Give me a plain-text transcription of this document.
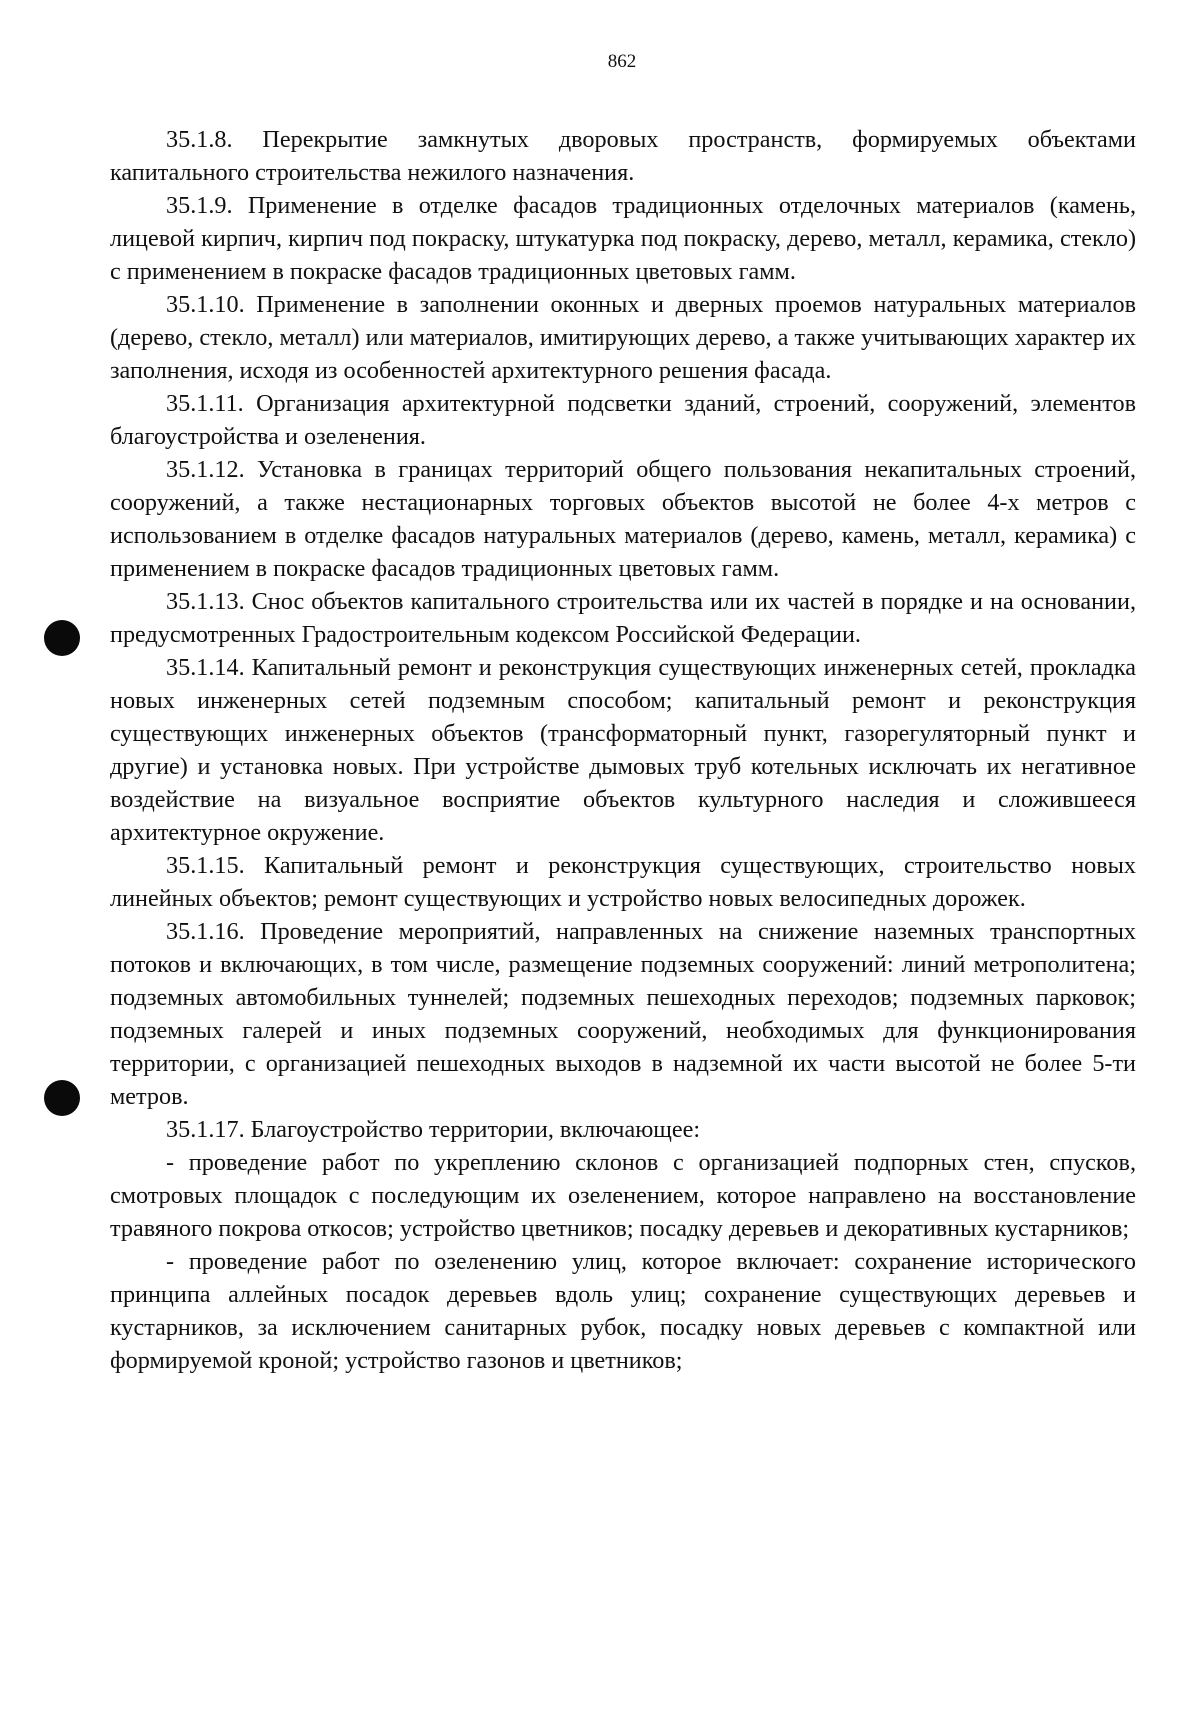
862

35.1.8. Перекрытие замкнутых дворовых пространств, формируемых объектами капитального строительства нежилого назначения.

35.1.9. Применение в отделке фасадов традиционных отделочных материалов (камень, лицевой кирпич, кирпич под покраску, штукатурка под покраску, дерево, металл, керамика, стекло) с применением в покраске фасадов традиционных цветовых гамм.

35.1.10. Применение в заполнении оконных и дверных проемов натуральных материалов (дерево, стекло, металл) или материалов, имитирующих дерево, а также учитывающих характер их заполнения, исходя из особенностей архитектурного решения фасада.

35.1.11. Организация архитектурной подсветки зданий, строений, сооружений, элементов благоустройства и озеленения.

35.1.12. Установка в границах территорий общего пользования некапитальных строений, сооружений, а также нестационарных торговых объектов высотой не более 4-х метров с использованием в отделке фасадов натуральных материалов (дерево, камень, металл, керамика) с применением в покраске фасадов традиционных цветовых гамм.

35.1.13. Снос объектов капитального строительства или их частей в порядке и на основании, предусмотренных Градостроительным кодексом Российской Федерации.

35.1.14. Капитальный ремонт и реконструкция существующих инженерных сетей, прокладка новых инженерных сетей подземным способом; капитальный ремонт и реконструкция существующих инженерных объектов (трансформаторный пункт, газорегуляторный пункт и другие) и установка новых. При устройстве дымовых труб котельных исключать их негативное воздействие на визуальное восприятие объектов культурного наследия и сложившееся архитектурное окружение.

35.1.15. Капитальный ремонт и реконструкция существующих, строительство новых линейных объектов; ремонт существующих и устройство новых велосипедных дорожек.

35.1.16. Проведение мероприятий, направленных на снижение наземных транспортных потоков и включающих, в том числе, размещение подземных сооружений: линий метрополитена; подземных автомобильных туннелей; подземных пешеходных переходов; подземных парковок; подземных галерей и иных подземных сооружений, необходимых для функционирования территории, с организацией пешеходных выходов в надземной их части высотой не более 5-ти метров.

35.1.17. Благоустройство территории, включающее:

- проведение работ по укреплению склонов с организацией подпорных стен, спусков, смотровых площадок с последующим их озеленением, которое направлено на восстановление травяного покрова откосов; устройство цветников; посадку деревьев и декоративных кустарников;

- проведение работ по озеленению улиц, которое включает: сохранение исторического принципа аллейных посадок деревьев вдоль улиц; сохранение существующих деревьев и кустарников, за исключением санитарных рубок, посадку новых деревьев с компактной или формируемой кроной; устройство газонов и цветников;
